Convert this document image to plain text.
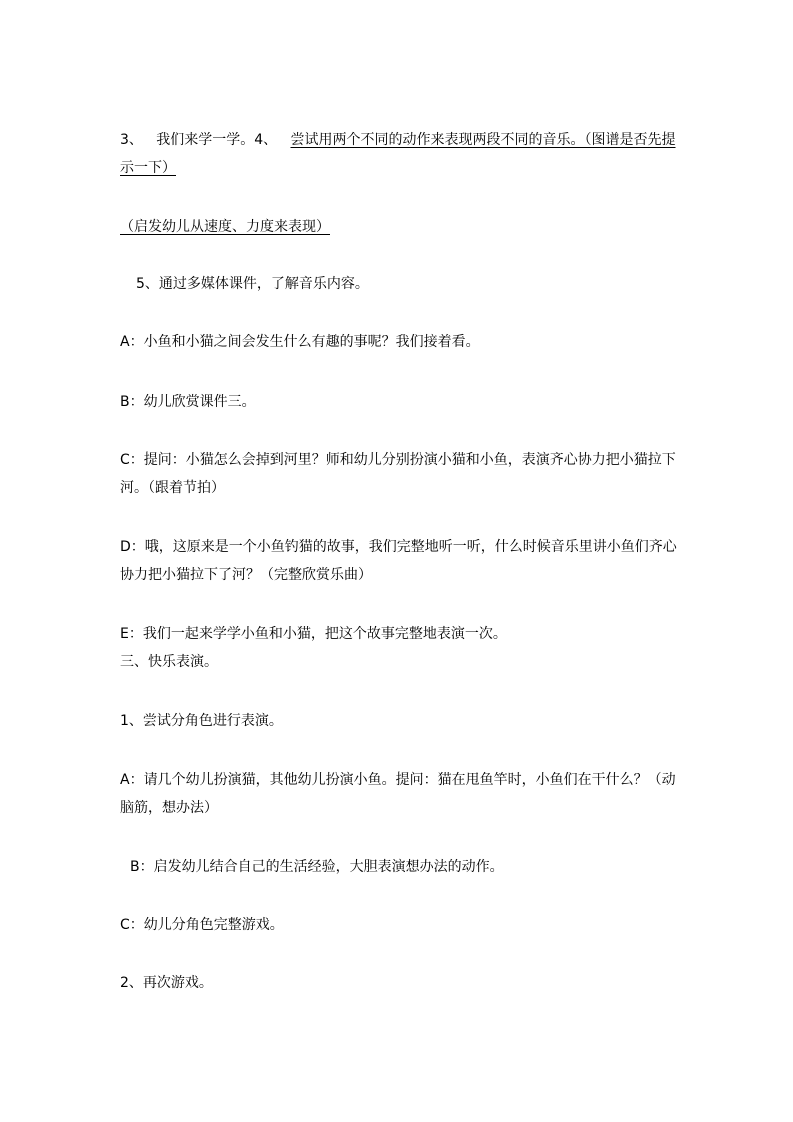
3、   我们来学一学。4、   尝试用两个不同的动作来表现两段不同的音乐。（图谱是否先提示一下）
（启发幼儿从速度、力度来表现）
5、通过多媒体课件，了解音乐内容。
A：小鱼和小猫之间会发生什么有趣的事呢？我们接着看。
B：幼儿欣赏课件三。
C：提问：小猫怎么会掉到河里？师和幼儿分别扮演小猫和小鱼，表演齐心协力把小猫拉下河。（跟着节拍）
D：哦，这原来是一个小鱼钓猫的故事，我们完整地听一听，什么时候音乐里讲小鱼们齐心协力把小猫拉下了河？（完整欣赏乐曲）
E：我们一起来学学小鱼和小猫，把这个故事完整地表演一次。
三、快乐表演。
1、尝试分角色进行表演。
A：请几个幼儿扮演猫，其他幼儿扮演小鱼。提问：猫在甩鱼竿时，小鱼们在干什么？（动脑筋，想办法）
B：启发幼儿结合自己的生活经验，大胆表演想办法的动作。
C：幼儿分角色完整游戏。
2、再次游戏。
